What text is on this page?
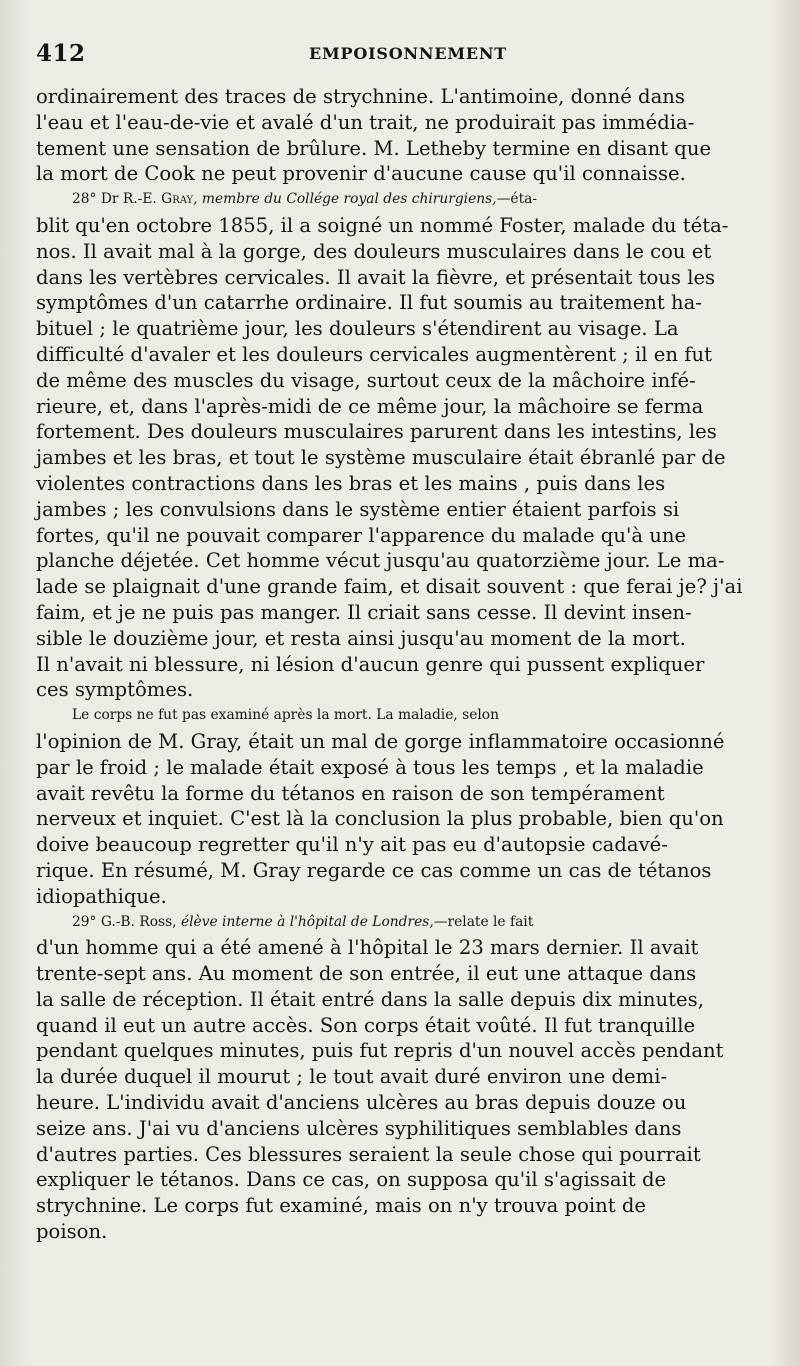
412	EMPOISONNEMENT

ordinairement des traces de strychnine. L'antimoine, donné dans
l'eau et l'eau-de-vie et avalé d'un trait, ne produirait pas immédia-
tement une sensation de brûlure. M. Letheby termine en disant que
la mort de Cook ne peut provenir d'aucune cause qu'il connaisse.

28° Dr R.-E. Gray, membre du Collége royal des chirurgiens,—éta-
blit qu'en octobre 1855, il a soigné un nommé Foster, malade du téta-
nos. Il avait mal à la gorge, des douleurs musculaires dans le cou et
dans les vertèbres cervicales. Il avait la fièvre, et présentait tous les
symptômes d'un catarrhe ordinaire. Il fut soumis au traitement ha-
bituel ; le quatrième jour, les douleurs s'étendirent au visage. La
difficulté d'avaler et les douleurs cervicales augmentèrent ; il en fut
de même des muscles du visage, surtout ceux de la mâchoire infé-
rieure, et, dans l'après-midi de ce même jour, la mâchoire se ferma
fortement. Des douleurs musculaires parurent dans les intestins, les
jambes et les bras, et tout le système musculaire était ébranlé par de
violentes contractions dans les bras et les mains , puis dans les
jambes ; les convulsions dans le système entier étaient parfois si
fortes, qu'il ne pouvait comparer l'apparence du malade qu'à une
planche déjetée. Cet homme vécut jusqu'au quatorzième jour. Le ma-
lade se plaignait d'une grande faim, et disait souvent : que ferai je? j'ai
faim, et je ne puis pas manger. Il criait sans cesse. Il devint insen-
sible le douzième jour, et resta ainsi jusqu'au moment de la mort.
Il n'avait ni blessure, ni lésion d'aucun genre qui pussent expliquer
ces symptômes.

Le corps ne fut pas examiné après la mort. La maladie, selon
l'opinion de M. Gray, était un mal de gorge inflammatoire occasionné
par le froid ; le malade était exposé à tous les temps , et la maladie
avait revêtu la forme du tétanos en raison de son tempérament
nerveux et inquiet. C'est là la conclusion la plus probable, bien qu'on
doive beaucoup regretter qu'il n'y ait pas eu d'autopsie cadavé-
rique. En résumé, M. Gray regarde ce cas comme un cas de tétanos
idiopathique.

29° G.-B. Ross, élève interne à l'hôpital de Londres,—relate le fait
d'un homme qui a été amené à l'hôpital le 23 mars dernier. Il avait
trente-sept ans. Au moment de son entrée, il eut une attaque dans
la salle de réception. Il était entré dans la salle depuis dix minutes,
quand il eut un autre accès. Son corps était voûté. Il fut tranquille
pendant quelques minutes, puis fut repris d'un nouvel accès pendant
la durée duquel il mourut ; le tout avait duré environ une demi-
heure. L'individu avait d'anciens ulcères au bras depuis douze ou
seize ans. J'ai vu d'anciens ulcères syphilitiques semblables dans
d'autres parties. Ces blessures seraient la seule chose qui pourrait
expliquer le tétanos. Dans ce cas, on supposa qu'il s'agissait de
strychnine. Le corps fut examiné, mais on n'y trouva point de
poison.
